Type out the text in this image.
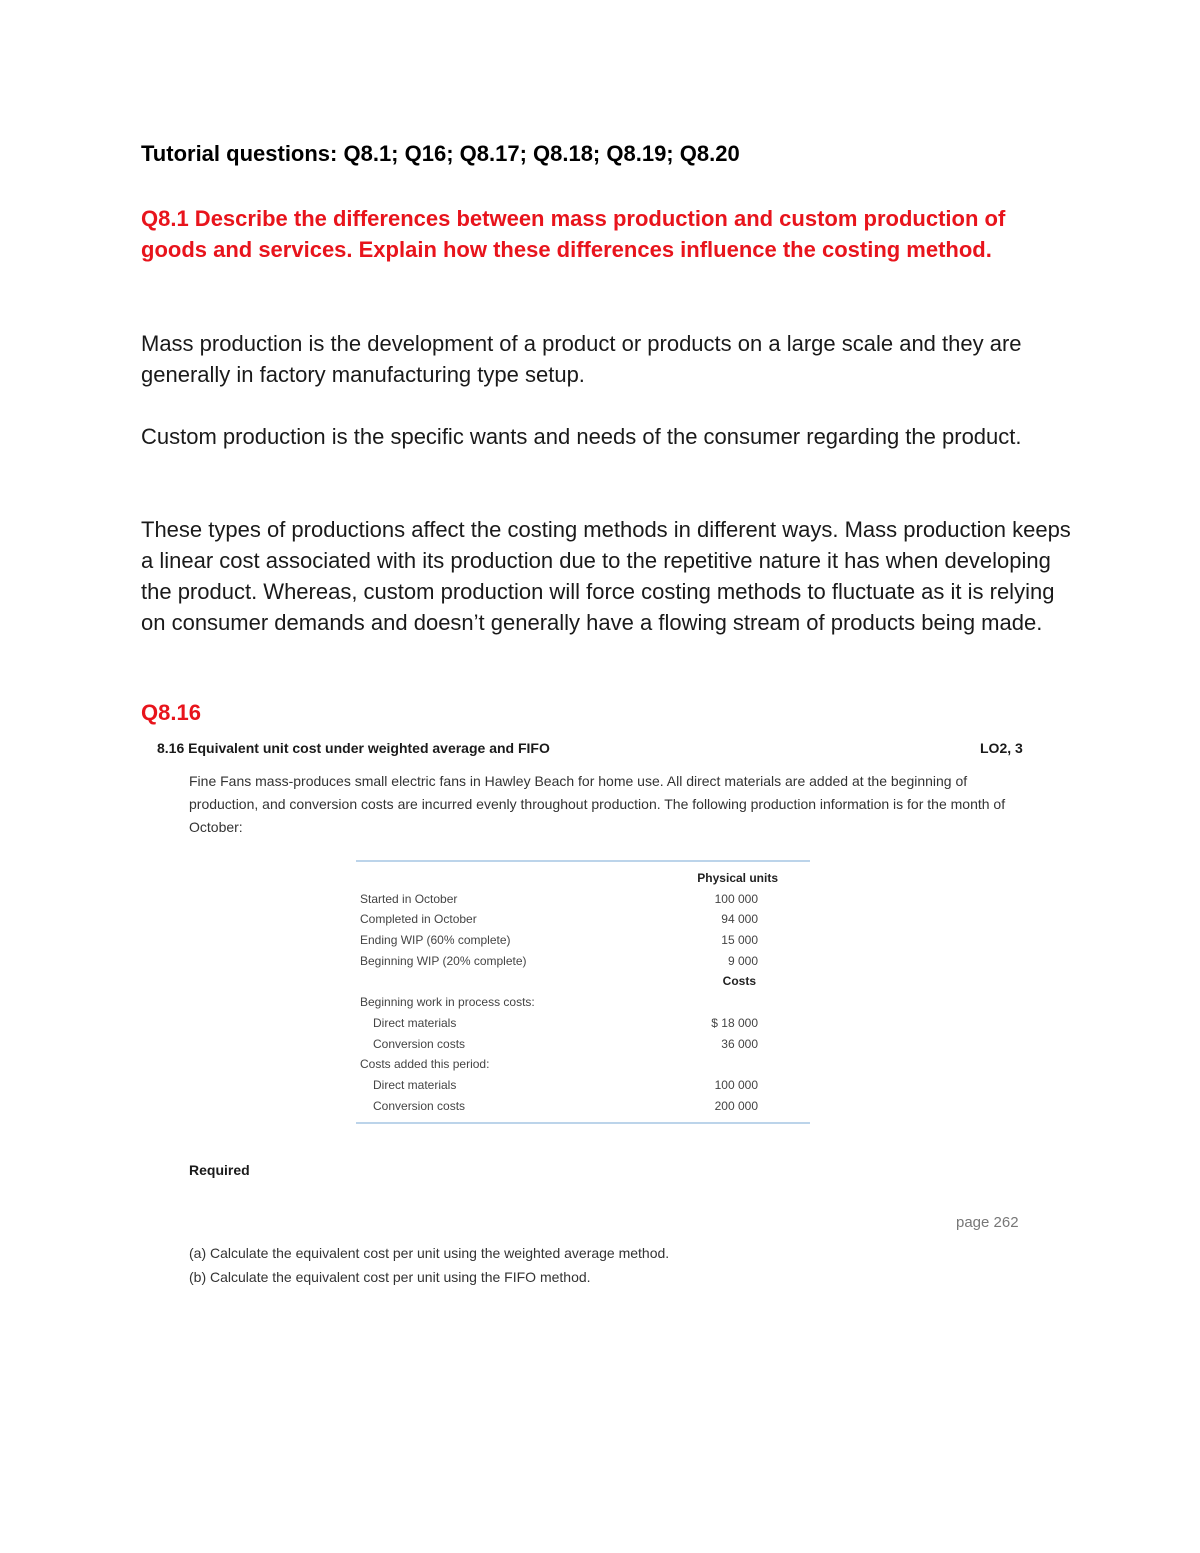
Tutorial questions: Q8.1; Q16; Q8.17; Q8.18; Q8.19; Q8.20
Q8.1 Describe the differences between mass production and custom production of goods and services. Explain how these differences influence the costing method.
Mass production is the development of a product or products on a large scale and they are generally in factory manufacturing type setup.
Custom production is the specific wants and needs of the consumer regarding the product.
These types of productions affect the costing methods in different ways. Mass production keeps a linear cost associated with its production due to the repetitive nature it has when developing the product. Whereas, custom production will force costing methods to fluctuate as it is relying on consumer demands and doesn’t generally have a flowing stream of products being made.
Q8.16
8.16 Equivalent unit cost under weighted average and FIFO	LO2, 3
Fine Fans mass-produces small electric fans in Hawley Beach for home use. All direct materials are added at the beginning of production, and conversion costs are incurred evenly throughout production. The following production information is for the month of October:
Physical units
Started in October	100 000
Completed in October	94 000
Ending WIP (60% complete)	15 000
Beginning WIP (20% complete)	9 000
Costs
Beginning work in process costs:
Direct materials	$ 18 000
Conversion costs	36 000
Costs added this period:
Direct materials	100 000
Conversion costs	200 000
Required
page 262
(a) Calculate the equivalent cost per unit using the weighted average method.
(b) Calculate the equivalent cost per unit using the FIFO method.
